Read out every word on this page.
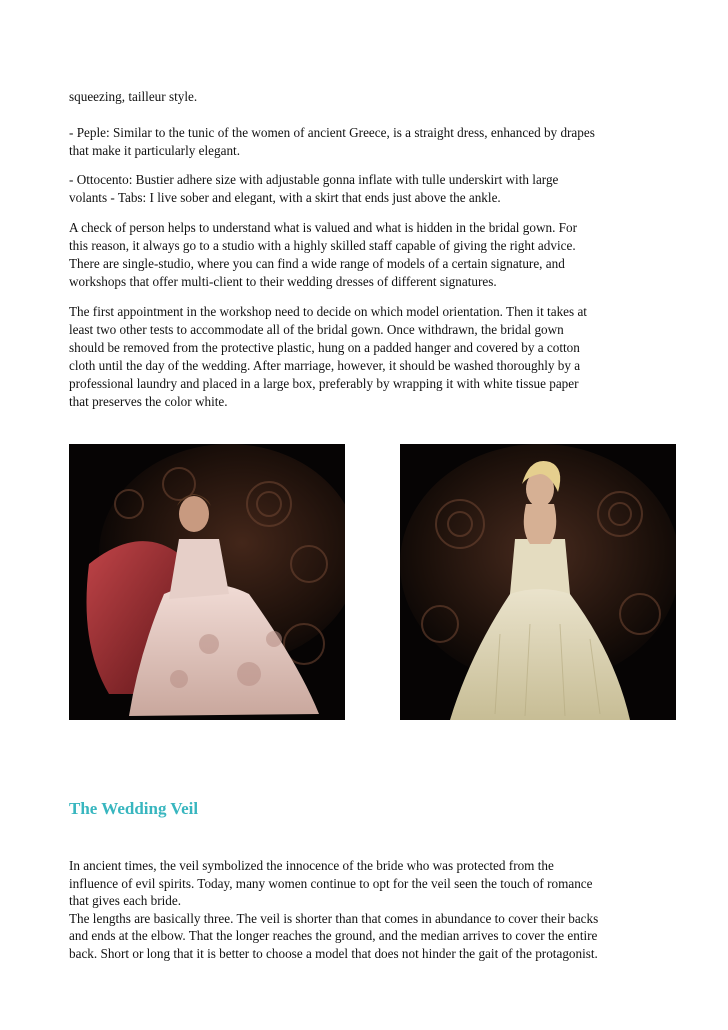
squeezing, tailleur style.

- Peple: Similar to the tunic of the women of ancient Greece, is a straight dress, enhanced by drapes
that make it particularly elegant.

- Ottocento: Bustier adhere size with adjustable gonna inflate with tulle underskirt with large
volants - Tabs: I live sober and elegant, with a skirt that ends just above the ankle.

A check of person helps to understand what is valued and what is hidden in the bridal gown. For
this reason, it always go to a studio with a highly skilled staff capable of giving the right advice.
There are single-studio, where you can find a wide range of models of a certain signature, and
workshops that offer multi-client to their wedding dresses of different signatures.

The first appointment in the workshop need to decide on which model orientation. Then it takes at
least two other tests to accommodate all of the bridal gown. Once withdrawn, the bridal gown
should be removed from the protective plastic, hung on a padded hanger and covered by a cotton
cloth until the day of the wedding. After marriage, however, it should be washed thoroughly by a
professional laundry and placed in a large box, preferably by wrapping it with white tissue paper
that preserves the color white.

The Wedding Veil

In ancient times, the veil symbolized the innocence of the bride who was protected from the
influence of evil spirits. Today, many women continue to opt for the veil seen the touch of romance
that gives each bride.
The lengths are basically three. The veil is shorter than that comes in abundance to cover their backs
and ends at the elbow. That the longer reaches the ground, and the median arrives to cover the entire
back. Short or long that it is better to choose a model that does not hinder the gait of the protagonist.
